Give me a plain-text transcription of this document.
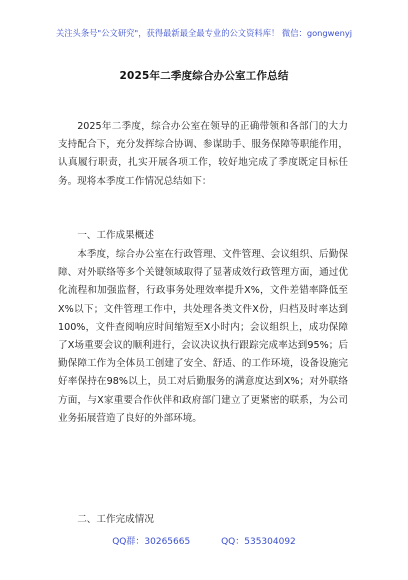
关注头条号"公文研究"，获得最新最全最专业的公文资料库！ 微信：gongwenyj
2025年二季度综合办公室工作总结
2025年二季度，综合办公室在领导的正确带领和各部门的大力支持配合下，充分发挥综合协调、参谋助手、服务保障等职能作用，认真履行职责，扎实开展各项工作，较好地完成了季度既定目标任务。现将本季度工作情况总结如下：
一、工作成果概述
本季度，综合办公室在行政管理、文件管理、会议组织、后勤保障、对外联络等多个关键领域取得了显著成效行政管理方面，通过优化流程和加强监督，行政事务处理效率提升X%，文件差错率降低至X%以下；文件管理工作中，共处理各类文件X份，归档及时率达到100%，文件查阅响应时间缩短至X小时内；会议组织上，成功保障了X场重要会议的顺利进行，会议决议执行跟踪完成率达到95%；后勤保障工作为全体员工创建了安全、舒适、的工作环境，设备设施完好率保持在98%以上，员工对后勤服务的满意度达到X%；对外联络方面，与X家重要合作伙伴和政府部门建立了更紧密的联系，为公司业务拓展营造了良好的外部环境。
二、工作完成情况
QQ群：30265665	QQ：535304092
